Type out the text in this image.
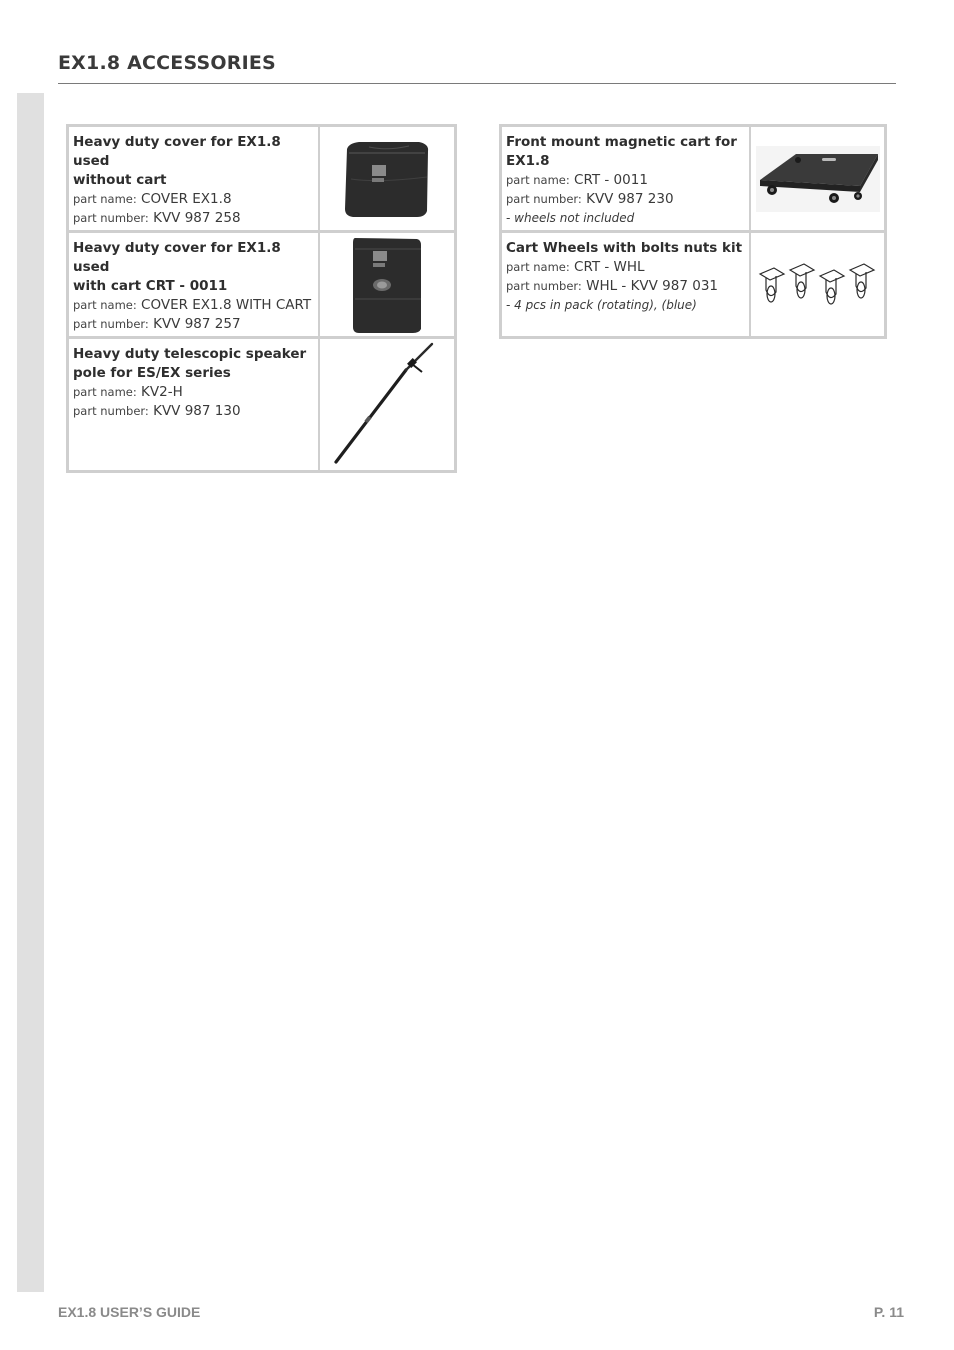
EX1.8 ACCESSORIES
Heavy duty cover for EX1.8 used
without cart
part name: COVER EX1.8
part number: KVV 987 258
Heavy duty cover for EX1.8 used
with cart CRT - 0011
part name: COVER EX1.8 WITH CART
part number: KVV 987 257
Heavy duty telescopic speaker
pole for ES/EX series
part name: KV2-H
part number: KVV 987 130
Front mount magnetic cart for
EX1.8
part name: CRT - 0011
part number: KVV 987 230
- wheels not included
Cart Wheels with bolts nuts kit
part name: CRT - WHL
part number: WHL - KVV 987 031
- 4 pcs in pack (rotating), (blue)
EX1.8 USER’S GUIDE	P. 11
